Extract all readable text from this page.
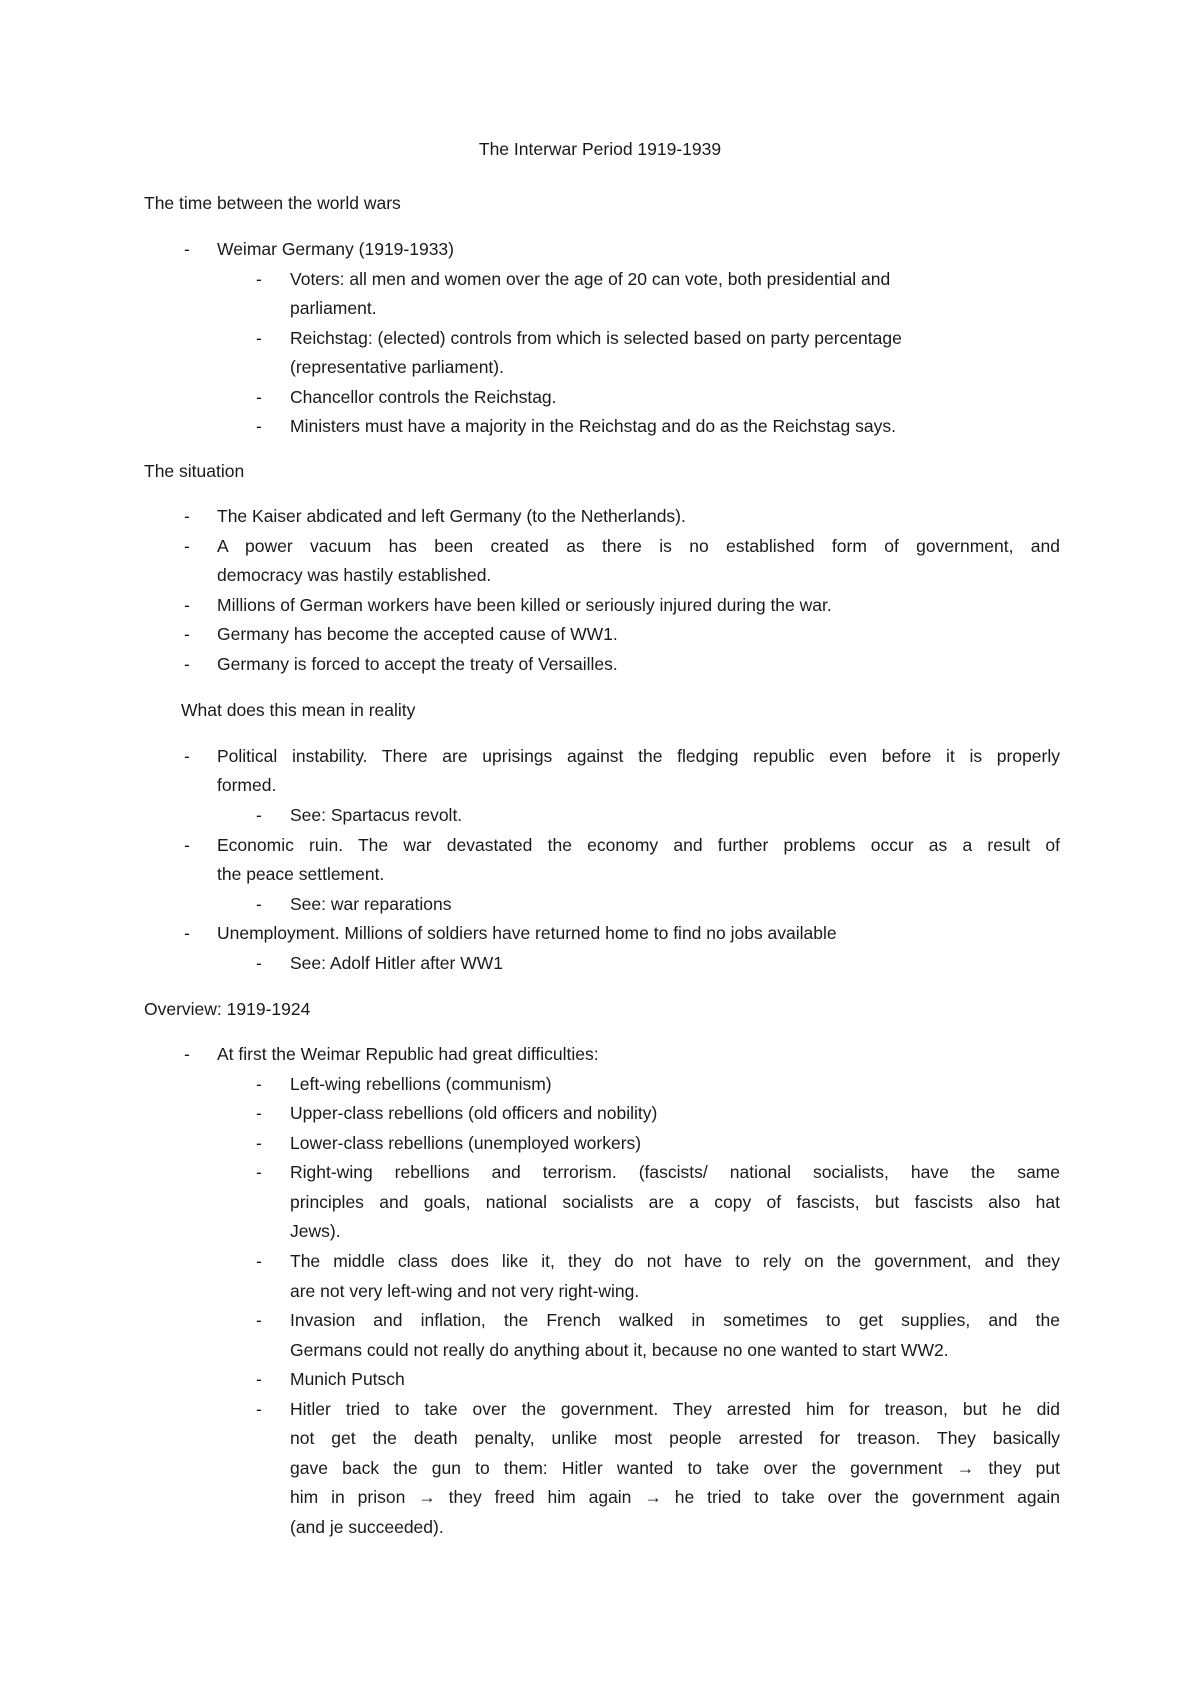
The Interwar Period 1919-1939
The time between the world wars
- Weimar Germany (1919-1933)
- Voters: all men and women over the age of 20 can vote, both presidential and
parliament.
- Reichstag: (elected) controls from which is selected based on party percentage
(representative parliament).
- Chancellor controls the Reichstag.
- Ministers must have a majority in the Reichstag and do as the Reichstag says.
The situation
- The Kaiser abdicated and left Germany (to the Netherlands).
- A power vacuum has been created as there is no established form of government, and
democracy was hastily established.
- Millions of German workers have been killed or seriously injured during the war.
- Germany has become the accepted cause of WW1.
- Germany is forced to accept the treaty of Versailles.
What does this mean in reality
- Political instability. There are uprisings against the fledging republic even before it is properly
formed.
- See: Spartacus revolt.
- Economic ruin. The war devastated the economy and further problems occur as a result of
the peace settlement.
- See: war reparations
- Unemployment. Millions of soldiers have returned home to find no jobs available
- See: Adolf Hitler after WW1
Overview: 1919-1924
- At first the Weimar Republic had great difficulties:
- Left-wing rebellions (communism)
- Upper-class rebellions (old officers and nobility)
- Lower-class rebellions (unemployed workers)
- Right-wing rebellions and terrorism. (fascists/ national socialists, have the same
principles and goals, national socialists are a copy of fascists, but fascists also hat
Jews).
- The middle class does like it, they do not have to rely on the government, and they
are not very left-wing and not very right-wing.
- Invasion and inflation, the French walked in sometimes to get supplies, and the
Germans could not really do anything about it, because no one wanted to start WW2.
- Munich Putsch
- Hitler tried to take over the government. They arrested him for treason, but he did
not get the death penalty, unlike most people arrested for treason. They basically
gave back the gun to them: Hitler wanted to take over the government → they put
him in prison → they freed him again → he tried to take over the government again
(and je succeeded).
